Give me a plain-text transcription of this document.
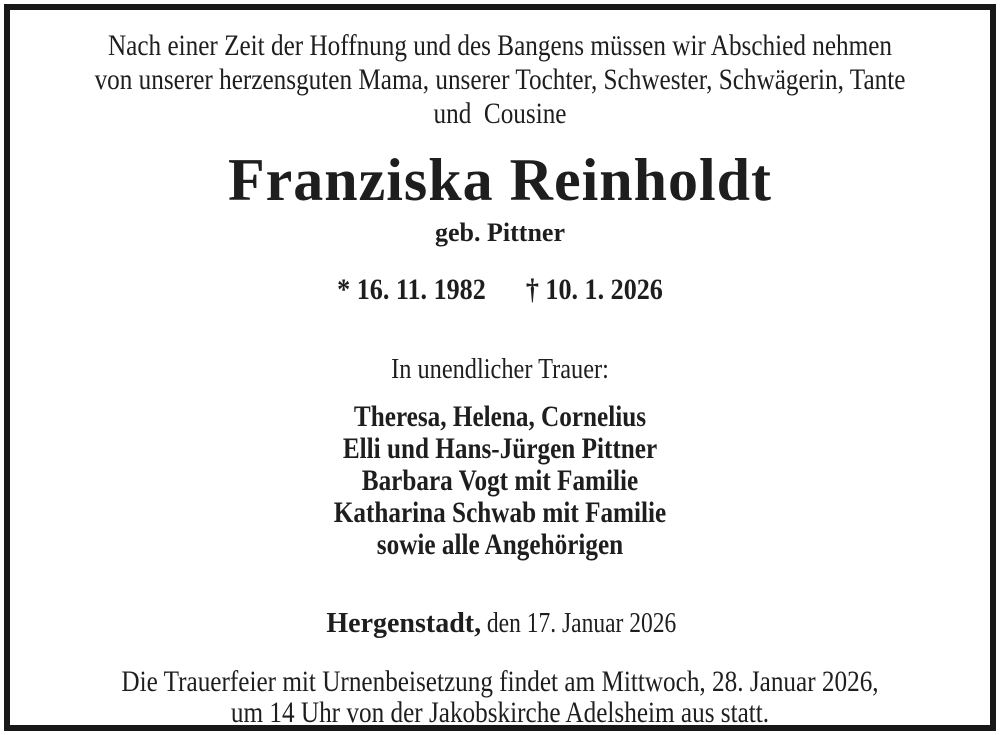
Nach einer Zeit der Hoffnung und des Bangens müssen wir Abschied nehmen
von unserer herzensguten Mama, unserer Tochter, Schwester, Schwägerin, Tante
und  Cousine
Franziska Reinholdt
geb. Pittner
* 16. 11. 1982 † 10. 1. 2026
In unendlicher Trauer:
Theresa, Helena, Cornelius
Elli und Hans-Jürgen Pittner
Barbara Vogt mit Familie
Katharina Schwab mit Familie
sowie alle Angehörigen
Hergenstadt, den 17. Januar 2026
Die Trauerfeier mit Urnenbeisetzung findet am Mittwoch, 28. Januar 2026,
um 14 Uhr von der Jakobskirche Adelsheim aus statt.
